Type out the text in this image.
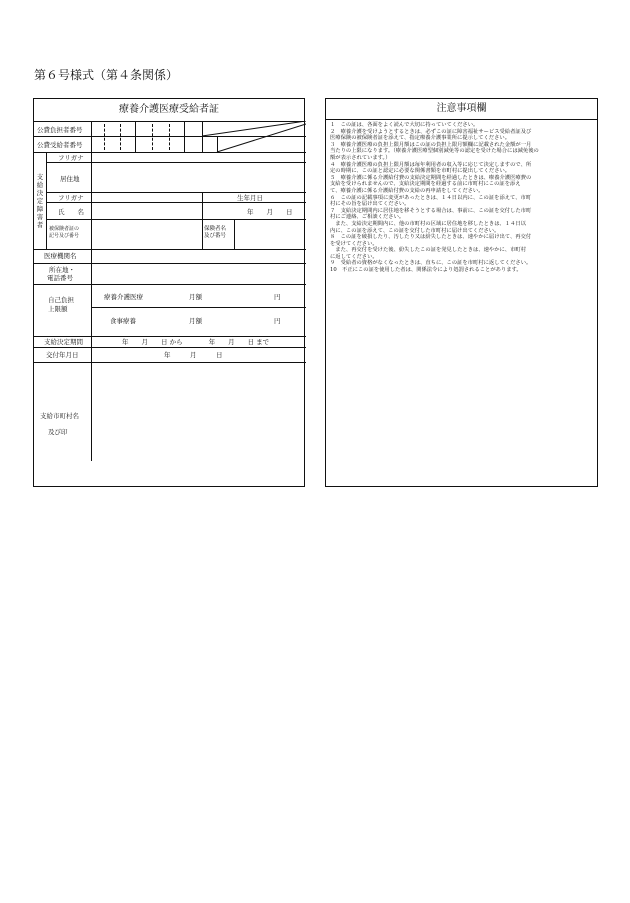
第６号様式（第４条関係）
療養介護医療受給者証
公費負担者番号
公費受給者番号
支給決定障害者
フリガナ
居住地
フリガナ	生年月日
氏　　名	年　　月　　日
被保険者証の
記号及び番号
保険者名
及び番号
医療機関名
所在地・
電話番号
自己負担
上限額
療養介護医療	月額	円
食事療養	月額	円
支給決定期間	年　　月　　日 から　　　　年　　月　　日 まで
交付年月日	年　　　月　　　日
支給市町村名
及び印
注意事項欄
１　この証は、各面をよく読んで大切に持っていてください。
２　療養介護を受けようとするときは、必ずこの証に障害福祉サービス受給者証及び
医療保険の被保険者証を添えて、指定療養介護事業所に提示してください。
３　療養介護医療の負担上限月額はこの証の負担上限月額欄に記載された金額が一月
当たりの上限になります。（療養介護医療型個別減免等の認定を受けた場合には減免後の
額が表示されています。）
４　療養介護医療の負担上限月額は毎年利用者の収入等に応じて決定しますので、所
定の時期に、この証と認定に必要な関係書類を市町村に提出してください。
５　療養介護に係る介護給付費の支給決定期間を経過したときは、療養介護医療費の
支給を受けられませんので、支給決定期間を経過する前に市町村にこの証を添え
て、療養介護に係る介護給付費の支給の再申請をしてください。
６　この証の記載事項に変更があったときは、１４日以内に、この証を添えて、市町
村にその旨を届け出てください。
７　支給決定期間内に居住地を移そうとする場合は、事前に、この証を交付した市町
村にご連絡、ご相談ください。
　また、支給決定期間内に、他の市町村の区域に居住地を移したときは、１４日以
内に、この証を添えて、この証を交付した市町村に届け出てください。
８　この証を破損したり、汚したり又は紛失したときは、速やかに届け出て、再交付
を受けてください。
　また、再交付を受けた後、紛失したこの証を発見したときは、速やかに、市町村
に返してください。
９　受給者の資格がなくなったときは、直ちに、この証を市町村に返してください。
10　不正にこの証を使用した者は、関係法令により処罰されることがあります。
